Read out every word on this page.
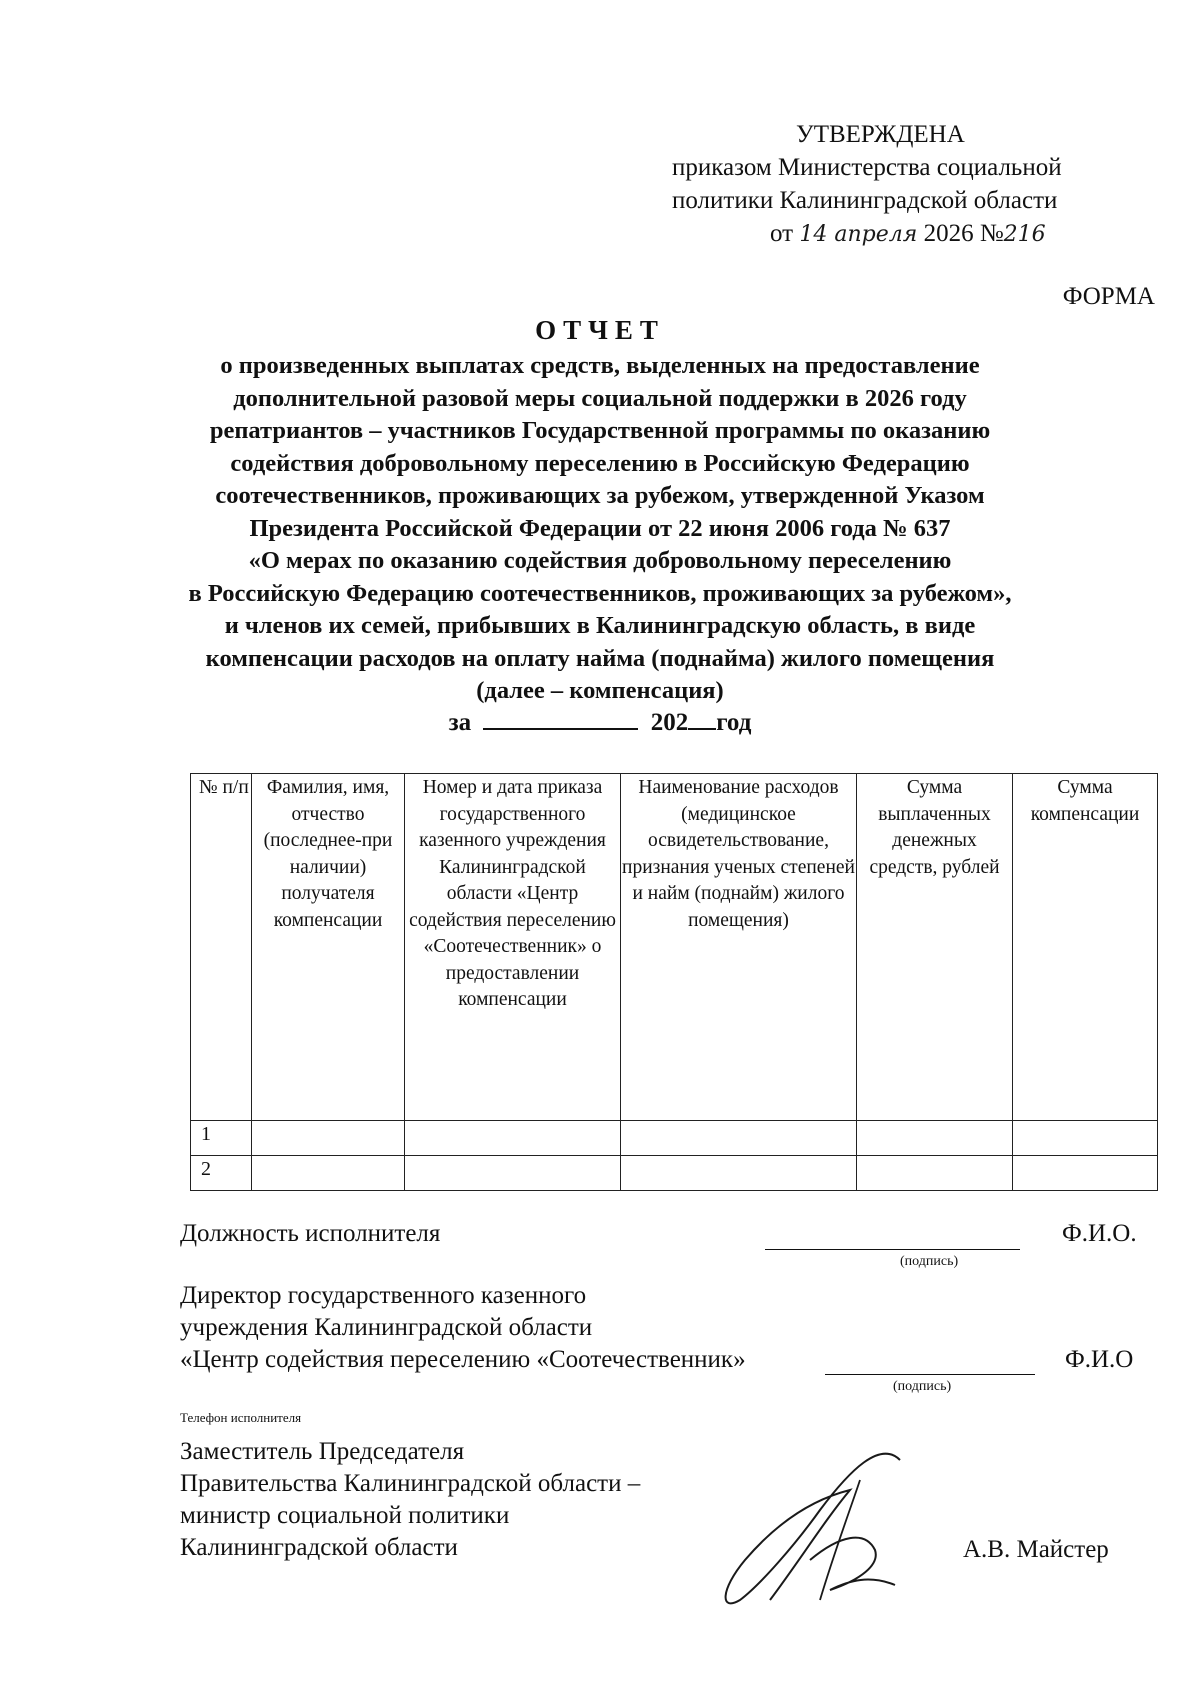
УТВЕРЖДЕНА
приказом Министерства социальной
политики Калининградской области
от 14 апреля 2026 №216
ФОРМА
ОТЧЕТ
о произведенных выплатах средств, выделенных на предоставление
дополнительной разовой меры социальной поддержки в 2026 году
репатриантов – участников Государственной программы по оказанию
содействия добровольному переселению в Российскую Федерацию
соотечественников, проживающих за рубежом, утвержденной Указом
Президента Российской Федерации от 22 июня 2006 года № 637
«О мерах по оказанию содействия добровольному переселению
в Российскую Федерацию соотечественников, проживающих за рубежом»,
и членов их семей, прибывших в Калининградскую область, в виде
компенсации расходов на оплату найма (поднайма) жилого помещения
(далее – компенсация)
за	202 год
№ п/п	Фамилия, имя, отчество (последнее-при наличии) получателя компенсации	Номер и дата приказа государственного казенного учреждения Калининградской области «Центр содействия переселению «Соотечественник» о предоставлении компенсации	Наименование расходов (медицинское освидетельствование, признания ученых степеней и найм (поднайм) жилого помещения)	Сумма выплаченных денежных средств, рублей	Сумма компенсации
1					
2					
Должность исполнителя	Ф.И.О.
(подпись)
Директор государственного казенного
учреждения Калининградской области
«Центр содействия переселению «Соотечественник»	Ф.И.О
(подпись)
Телефон исполнителя
Заместитель Председателя
Правительства Калининградской области –
министр социальной политики
Калининградской области	А.В. Майстер
